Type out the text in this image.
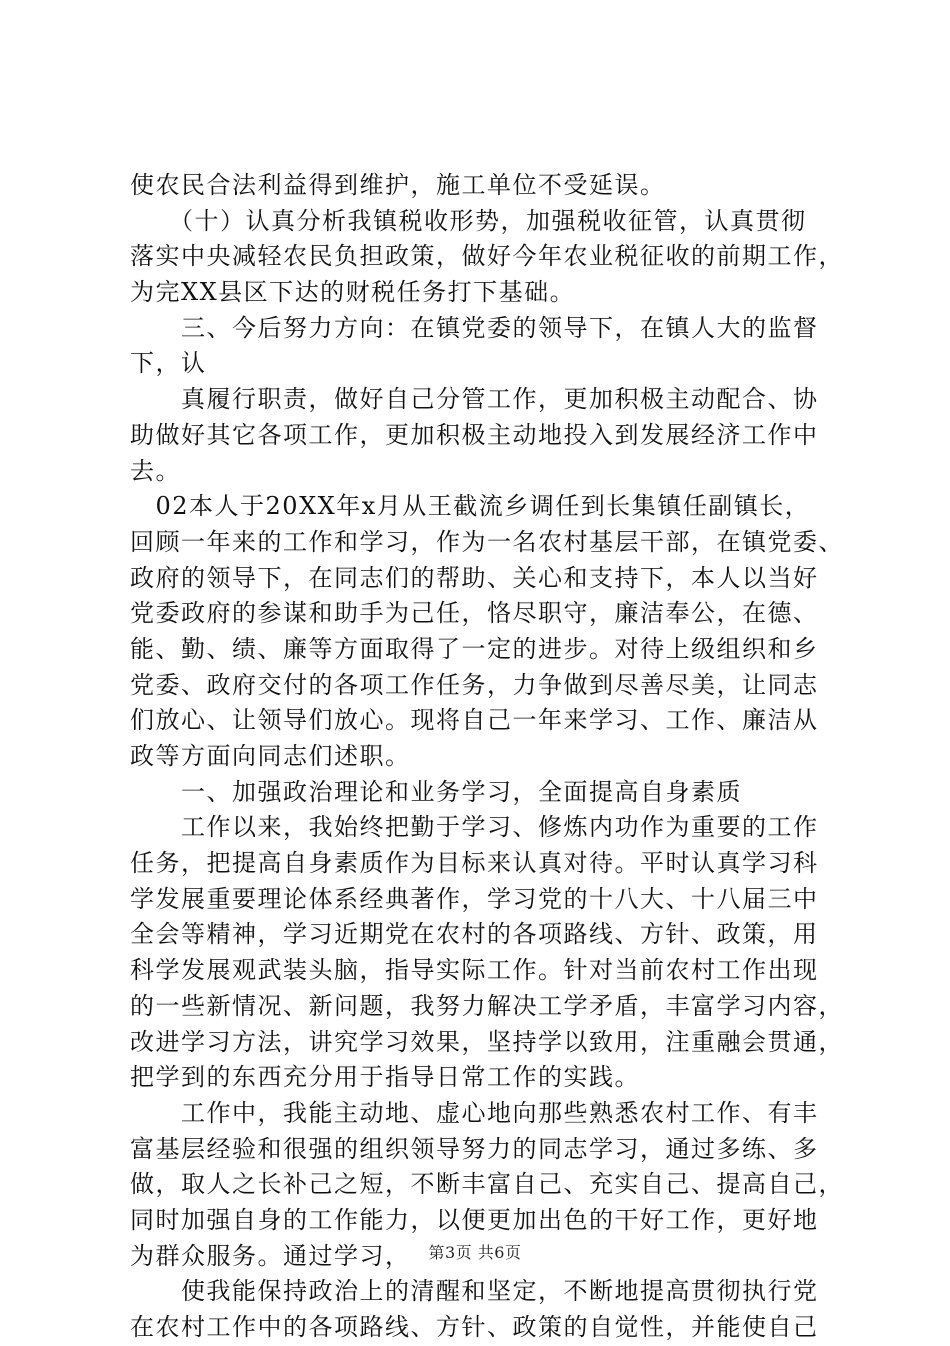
使农民合法利益得到维护，施工单位不受延误。
　　（十）认真分析我镇税收形势，加强税收征管，认真贯彻
落实中央减轻农民负担政策，做好今年农业税征收的前期工作，
为完XX县区下达的财税任务打下基础。
　　三、今后努力方向：在镇党委的领导下，在镇人大的监督
下，认
　　真履行职责，做好自己分管工作，更加积极主动配合、协
助做好其它各项工作，更加积极主动地投入到发展经济工作中
去。
　02本人于20XX年x月从王截流乡调任到长集镇任副镇长，
回顾一年来的工作和学习，作为一名农村基层干部，在镇党委、
政府的领导下，在同志们的帮助、关心和支持下，本人以当好
党委政府的参谋和助手为己任，恪尽职守，廉洁奉公，在德、
能、勤、绩、廉等方面取得了一定的进步。对待上级组织和乡
党委、政府交付的各项工作任务，力争做到尽善尽美，让同志
们放心、让领导们放心。现将自己一年来学习、工作、廉洁从
政等方面向同志们述职。
　　一、加强政治理论和业务学习，全面提高自身素质
　　工作以来，我始终把勤于学习、修炼内功作为重要的工作
任务，把提高自身素质作为目标来认真对待。平时认真学习科
学发展重要理论体系经典著作，学习党的十八大、十八届三中
全会等精神，学习近期党在农村的各项路线、方针、政策，用
科学发展观武装头脑，指导实际工作。针对当前农村工作出现
的一些新情况、新问题，我努力解决工学矛盾，丰富学习内容，
改进学习方法，讲究学习效果，坚持学以致用，注重融会贯通，
把学到的东西充分用于指导日常工作的实践。
　　工作中，我能主动地、虚心地向那些熟悉农村工作、有丰
富基层经验和很强的组织领导努力的同志学习，通过多练、多
做，取人之长补己之短，不断丰富自己、充实自己、提高自己，
同时加强自身的工作能力，以便更加出色的干好工作，更好地
为群众服务。通过学习，
　　使我能保持政治上的清醒和坚定，不断地提高贯彻执行党
在农村工作中的各项路线、方针、政策的自觉性，并能使自己
第3页 共6页
